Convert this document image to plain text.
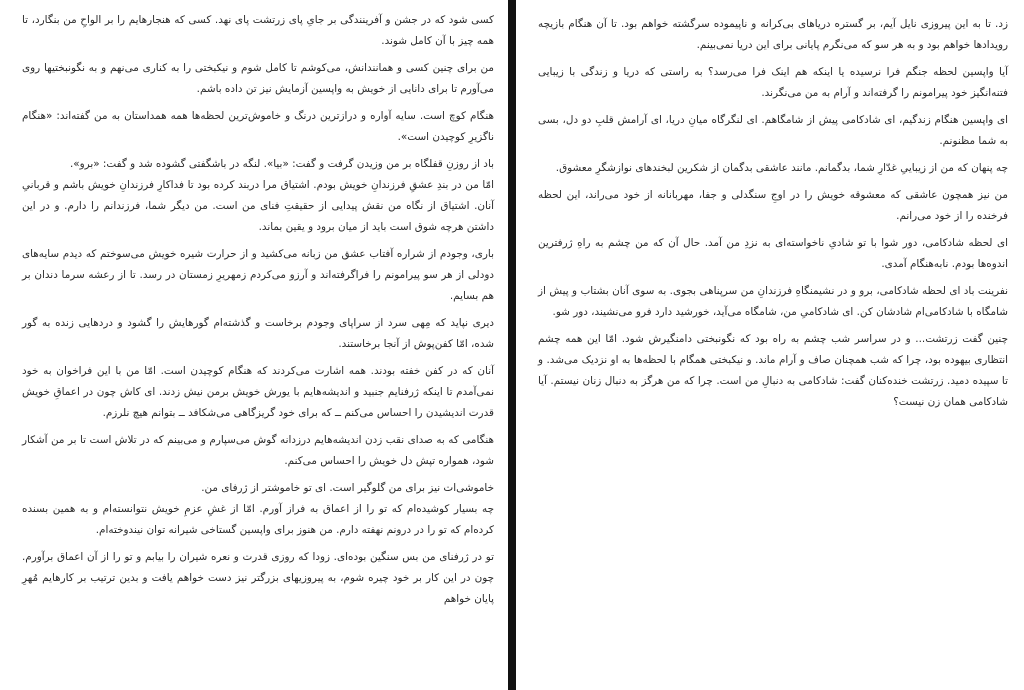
کسی شود که در جشن و آفرینندگی بر جایِ پای زرتشت پای نهد. کسی که هنجارهایم را بر الواحِ من بنگارد، تا همه چیز با آن کامل شوند.

من برای چنین کسی و همانندانش، می‌کوشم تا کامل شوم و نیکبختی را به کناری می‌نهم و به نگونبختیها روی می‌آورم تا برای دانایی از خویش به واپسین آزمایش نیز تن داده باشم.

هنگام کوچ است. سایه آواره و درازترین درنگ و خاموش‌ترین لحظه‌ها همه همداستان به من گفته‌اند: «هنگام ناگزیرِ کوچیدن است».

باد از روزنِ قفلگاه بر من وزیدن گرفت و گفت: «بیا». لنگه در باشگفتی گشوده شد و گفت: «برو».

امّا من در بندِ عشقِ فرزندانِ خویش بودم. اشتیاق مرا دربند کرده بود تا فداکارِ فرزندانِ خویش باشم و قربانیِ آنان. اشتیاق از نگاه من نقش پیدایی از حقیقتِ فنای من است. من دیگر شما، فرزندانم را دارم. و در این داشتن هرچه شوق است باید از میان برود و یقین بماند.

باری، وجودم از شراره آفتاب عشق من زبانه می‌کشید و از حرارت شیره خویش می‌سوختم که دیدم سایه‌های دودلی از هر سو پیرامونم را فراگرفته‌اند و آرزو می‌کردم زمهریرِ زمستان در رسد. تا از رعشه سرما دندان بر هم بسایم.

دیری نپاید که مِهی سرد از سراپای وجودم برخاست و گذشته‌ام گورهایش را گشود و دردهایی زنده به گور شده، امّا کفن‌پوش از آنجا برخاستند.

آنان که در کفن خفته بودند. همه اشارت می‌کردند که هنگام کوچیدن است. امّا من با این فراخوان به خود نمی‌آمدم تا اینکه ژرفنایم جنبید و اندیشه‌هایم با یورش خویش برمن نیش زدند. ای کاش چون در اعماقِ خویش قدرت اندیشیدن را احساس می‌کنم ــ که برای خود گریزگاهی می‌شکافد ــ بتوانم هیچ نلرزم.

هنگامی که به صدای نقب زدن اندیشه‌هایم درزدانه گوش می‌سپارم و می‌بینم که در تلاش است تا بر من آشکار شود، همواره تپش دل خویش را احساس می‌کنم.

خاموشی‌ات نیز برای من گلوگیر است. ای تو خاموشتر از ژرفای من.

چه بسیار کوشیده‌ام که تو را از اعماق به فراز آورم. امّا از غشِ عزمِ خویش نتوانسته‌ام و به همین بسنده کرده‌ام که تو را در درونم نهفته دارم. من هنوز برای واپسین گستاخی شیرانه توان نیندوخته‌ام.

تو در ژرفنای من بس سنگین بوده‌ای. زودا که روزی قدرت و نعره شیران را بیابم و تو را از آن اعماق برآورم. چون در این کار بر خود چیره شوم، به پیروزیهای بزرگتر نیز دست خواهم یافت و بدین ترتیب بر کارهایم مُهرِ پایان خواهم

زد. تا به این پیروزی نایل آیم، بر گستره دریاهای بی‌کرانه و ناپیموده سرگشته خواهم بود. تا آن هنگام بازیچه رویدادها خواهم بود و به هر سو که می‌نگرم پایانی برای این دریا نمی‌بینم.

آیا واپسین لحظه جنگم فرا نرسیده یا اینکه هم اینک فرا می‌رسد؟ به راستی که دریا و زندگی با زیبایی فتنه‌انگیز خود پیرامونم را گرفته‌اند و آرام به من می‌نگرند.

ای واپسین هنگام زندگیم، ای شادکامی پیش از شامگاهم. ای لنگرگاه میانِ دریا، ای آرامش قلبِ دو دل، بسی به شما مظنونم.

چه پنهان که من از زیباییِ غدّارِ شما، بدگمانم. مانند عاشقی بدگمان از شکرین لبخندهای نوازشگرِ معشوق.

من نیز همچون عاشقی که معشوقه خویش را در اوجِ سنگدلی و جفا، مهربانانه از خود می‌راند، این لحظه فرخنده را از خود می‌رانم.

ای لحظه شادکامی، دور شوا با تو شادیِ ناخواسته‌ای به نزدِ من آمد. حال آن که من چشم به راهِ ژرفترین اندوه‌ها بودم. نابه‌هنگام آمدی.

نفرینت باد ای لحظه شادکامی، برو و در نشیمنگاهِ فرزندانِ من سرپناهی بجوی. به سوی آنان بشتاب و پیش از شامگاه با شادکامی‌ام شادشان کن. ای شادکامیِ من، شامگاه می‌آید، خورشید دارد فرو می‌نشیند، دور شو.

چنین گفت زرتشت... و در سراسر شب چشم به راه بود که نگونبختی دامنگیرش شود. امّا این همه چشم انتظاری بیهوده بود، چرا که شب همچنان صاف و آرام ماند. و نیکبختی همگام با لحظه‌ها به او نزدیک می‌شد. و تا سپیده دمید. زرتشت خنده‌کنان گفت: شادکامی به دنبالِ من است. چرا که من هرگز به دنبال زنان نیستم. آیا شادکامی همان زن نیست؟
